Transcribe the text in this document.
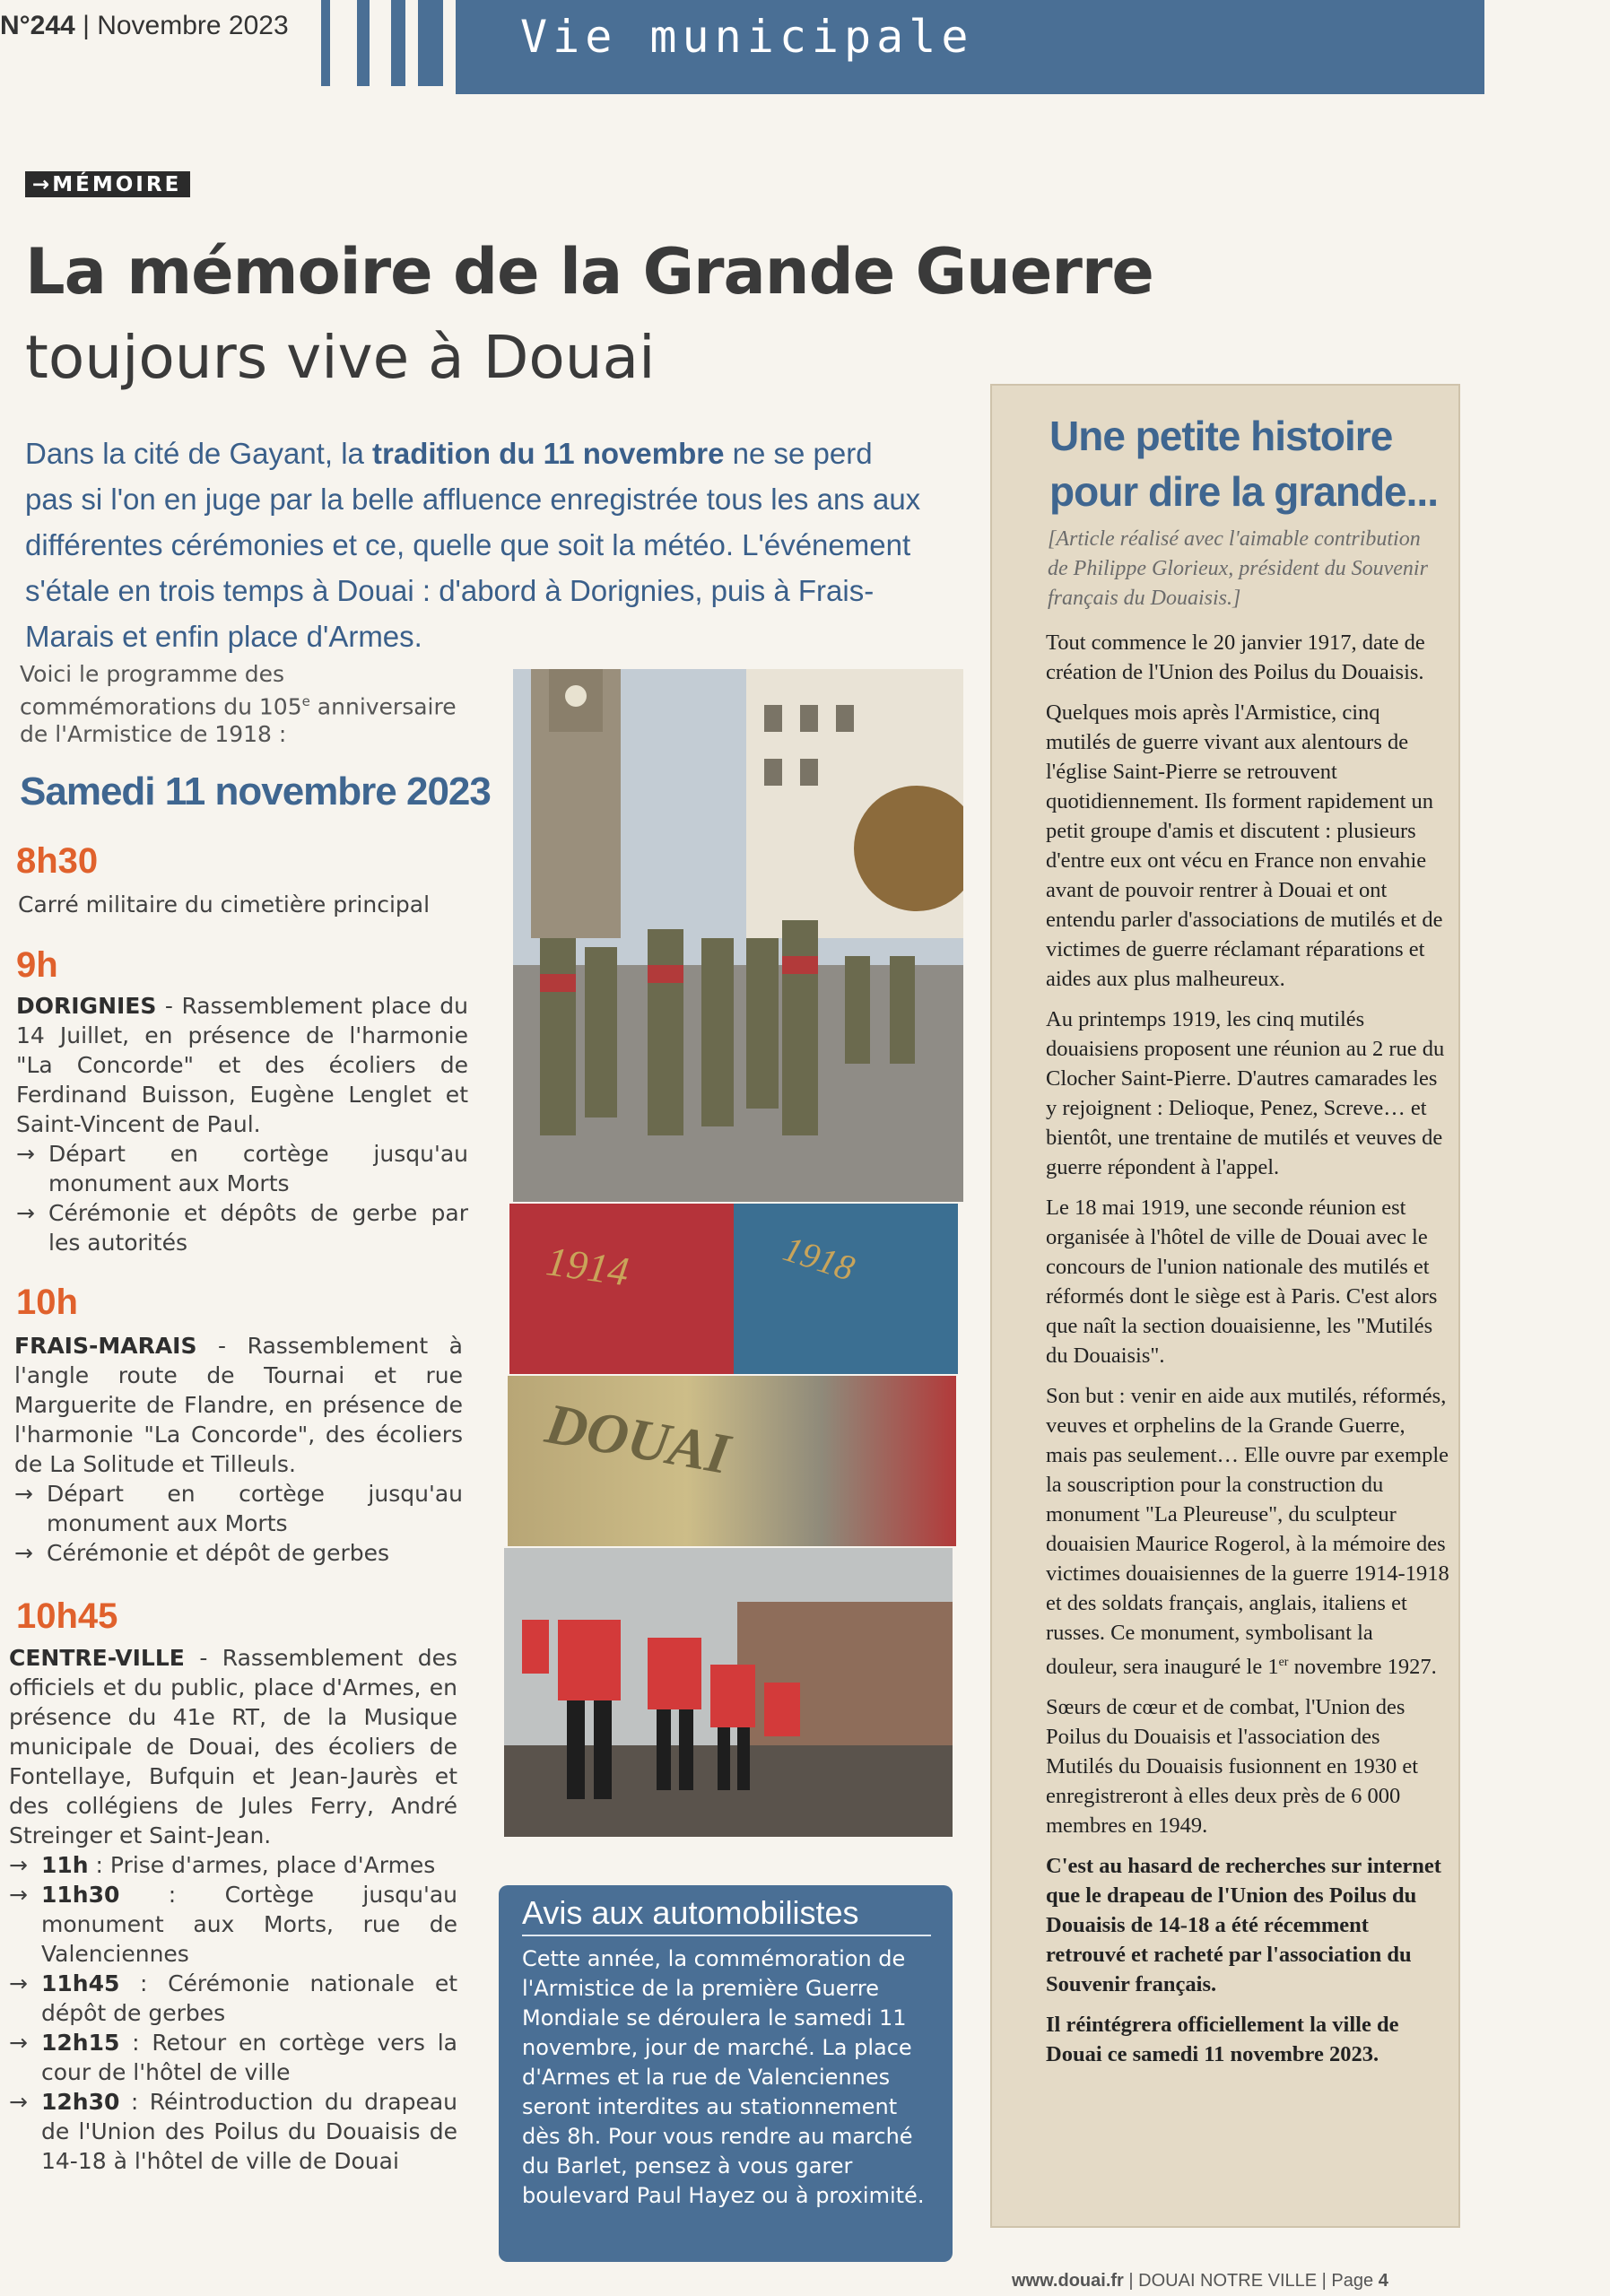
N°244 | Novembre 2023	Vie municipale
→MÉMOIRE
La mémoire de la Grande Guerre
toujours vive à Douai
Dans la cité de Gayant, la tradition du 11 novembre ne se perd pas si l'on en juge par la belle affluence enregistrée tous les ans aux différentes cérémonies et ce, quelle que soit la météo. L'événement s'étale en trois temps à Douai : d'abord à Dorignies, puis à Frais-Marais et enfin place d'Armes.
Voici le programme des commémorations du 105e anniversaire de l'Armistice de 1918 :
Samedi 11 novembre 2023
8h30
Carré militaire du cimetière principal
9h
DORIGNIES - Rassemblement place du 14 Juillet, en présence de l'harmonie "La Concorde" et des écoliers de Ferdinand Buisson, Eugène Lenglet et Saint-Vincent de Paul.
→ Départ en cortège jusqu'au monument aux Morts
→ Cérémonie et dépôts de gerbe par les autorités
10h
FRAIS-MARAIS - Rassemblement à l'angle route de Tournai et rue Marguerite de Flandre, en présence de l'harmonie "La Concorde", des écoliers de La Solitude et Tilleuls.
→ Départ en cortège jusqu'au monument aux Morts
→ Cérémonie et dépôt de gerbes
10h45
CENTRE-VILLE - Rassemblement des officiels et du public, place d'Armes, en présence du 41e RT, de la Musique municipale de Douai, des écoliers de Fontellaye, Bufquin et Jean-Jaurès et des collégiens de Jules Ferry, André Streinger et Saint-Jean.
→ 11h : Prise d'armes, place d'Armes
→ 11h30 : Cortège jusqu'au monument aux Morts, rue de Valenciennes
→ 11h45 : Cérémonie nationale et dépôt de gerbes
→ 12h15 : Retour en cortège vers la cour de l'hôtel de ville
→ 12h30 : Réintroduction du drapeau de l'Union des Poilus du Douaisis de 14-18 à l'hôtel de ville de Douai
1914	1918
DOUAI
Avis aux automobilistes
Cette année, la commémoration de l'Armistice de la première Guerre Mondiale se déroulera le samedi 11 novembre, jour de marché. La place d'Armes et la rue de Valenciennes seront interdites au stationnement dès 8h. Pour vous rendre au marché du Barlet, pensez à vous garer boulevard Paul Hayez ou à proximité.
Une petite histoire pour dire la grande...
[Article réalisé avec l'aimable contribution de Philippe Glorieux, président du Souvenir français du Douaisis.]

Tout commence le 20 janvier 1917, date de création de l'Union des Poilus du Douaisis.

Quelques mois après l'Armistice, cinq mutilés de guerre vivant aux alentours de l'église Saint-Pierre se retrouvent quotidiennement. Ils forment rapidement un petit groupe d'amis et discutent : plusieurs d'entre eux ont vécu en France non envahie avant de pouvoir rentrer à Douai et ont entendu parler d'associations de mutilés et de victimes de guerre réclamant réparations et aides aux plus malheureux.

Au printemps 1919, les cinq mutilés douaisiens proposent une réunion au 2 rue du Clocher Saint-Pierre. D'autres camarades les y rejoignent : Delioque, Penez, Screve… et bientôt, une trentaine de mutilés et veuves de guerre répondent à l'appel.

Le 18 mai 1919, une seconde réunion est organisée à l'hôtel de ville de Douai avec le concours de l'union nationale des mutilés et réformés dont le siège est à Paris. C'est alors que naît la section douaisienne, les "Mutilés du Douaisis".

Son but : venir en aide aux mutilés, réformés, veuves et orphelins de la Grande Guerre, mais pas seulement… Elle ouvre par exemple la souscription pour la construction du monument "La Pleureuse", du sculpteur douaisien Maurice Rogerol, à la mémoire des victimes douaisiennes de la guerre 1914-1918 et des soldats français, anglais, italiens et russes. Ce monument, symbolisant la douleur, sera inauguré le 1er novembre 1927.

Sœurs de cœur et de combat, l'Union des Poilus du Douaisis et l'association des Mutilés du Douaisis fusionnent en 1930 et enregistreront à elles deux près de 6 000 membres en 1949.

C'est au hasard de recherches sur internet que le drapeau de l'Union des Poilus du Douaisis de 14-18 a été récemment retrouvé et racheté par l'association du Souvenir français.

Il réintégrera officiellement la ville de Douai ce samedi 11 novembre 2023.

www.douai.fr | DOUAI NOTRE VILLE | Page 4
